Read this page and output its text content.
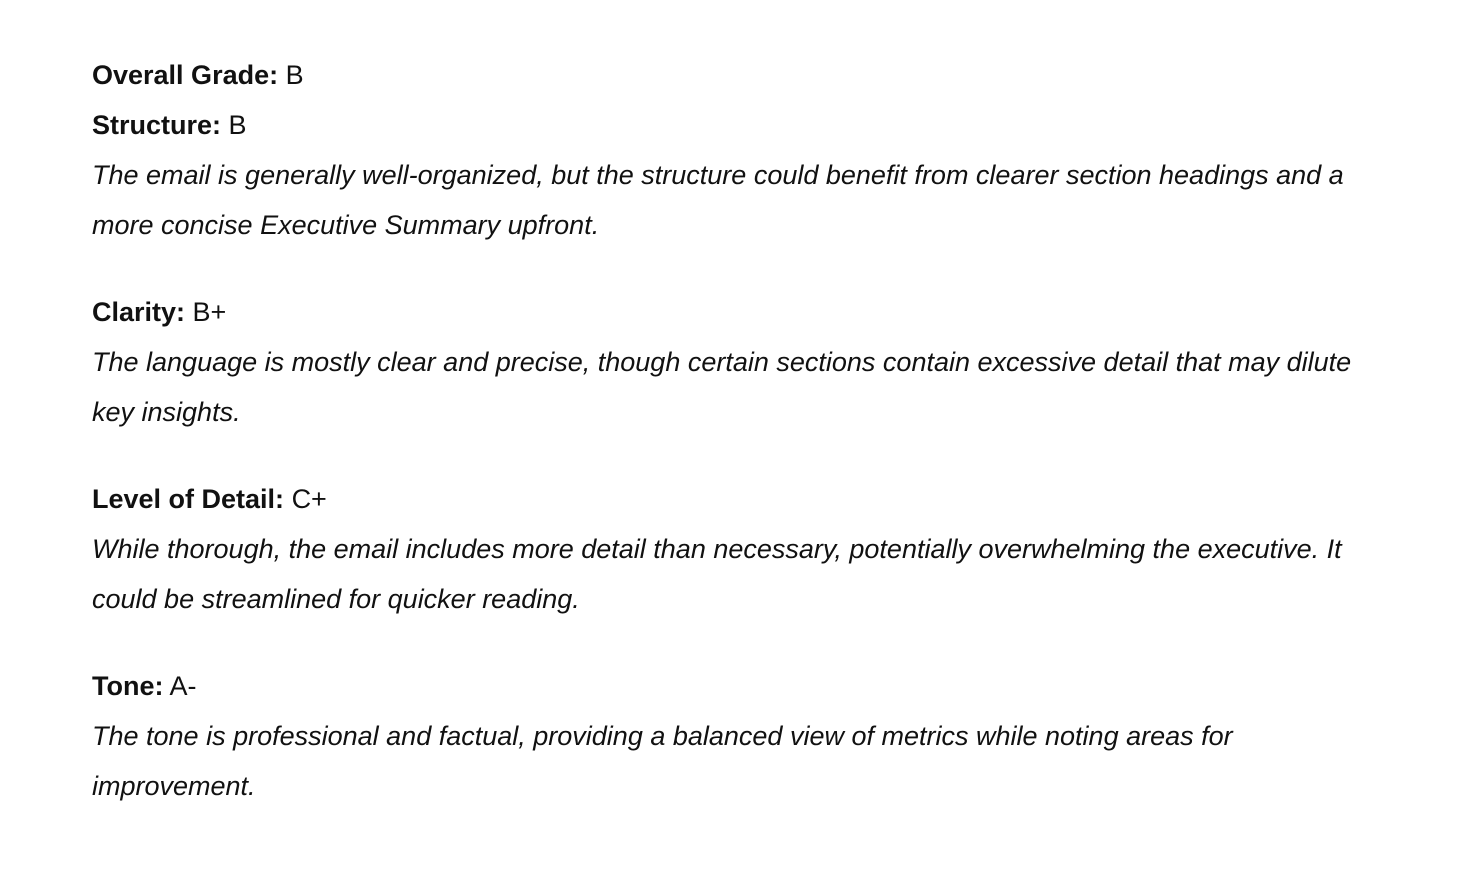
Overall Grade: B

Structure: B

The email is generally well-organized, but the structure could benefit from clearer section headings and a more concise Executive Summary upfront.

Clarity: B+

The language is mostly clear and precise, though certain sections contain excessive detail that may dilute key insights.

Level of Detail: C+

While thorough, the email includes more detail than necessary, potentially overwhelming the executive. It could be streamlined for quicker reading.

Tone: A-

The tone is professional and factual, providing a balanced view of metrics while noting areas for improvement.
